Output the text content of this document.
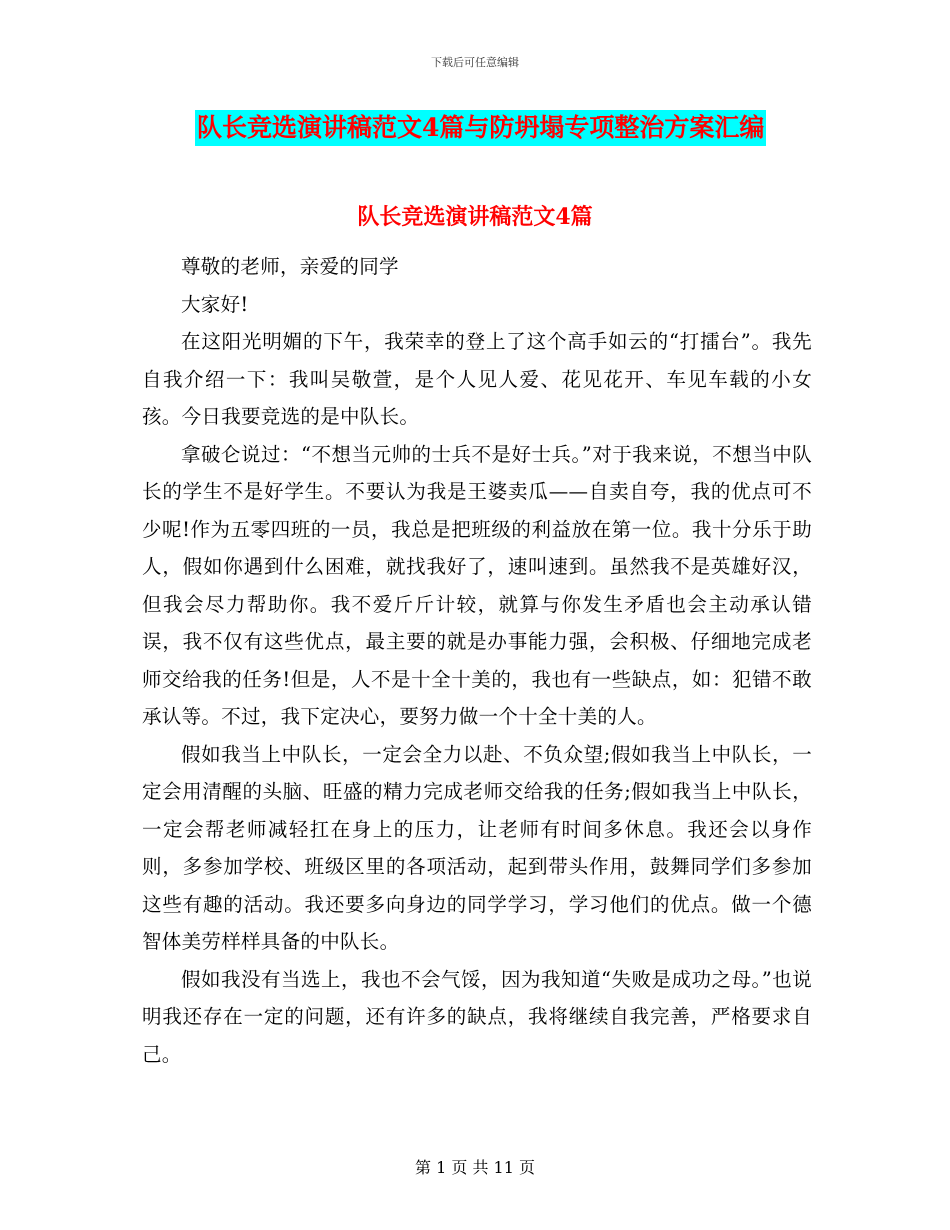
下载后可任意编辑
队长竞选演讲稿范文4篇与防坍塌专项整治方案汇编
队长竞选演讲稿范文4篇

尊敬的老师，亲爱的同学

大家好!

在这阳光明媚的下午，我荣幸的登上了这个高手如云的“打擂台”。我先自我介绍一下：我叫吴敬萱，是个人见人爱、花见花开、车见车载的小女孩。今日我要竞选的是中队长。

拿破仑说过：“不想当元帅的士兵不是好士兵。”对于我来说，不想当中队长的学生不是好学生。不要认为我是王婆卖瓜——自卖自夸，我的优点可不少呢!作为五零四班的一员，我总是把班级的利益放在第一位。我十分乐于助人，假如你遇到什么困难，就找我好了，速叫速到。虽然我不是英雄好汉，但我会尽力帮助你。我不爱斤斤计较，就算与你发生矛盾也会主动承认错误，我不仅有这些优点，最主要的就是办事能力强，会积极、仔细地完成老师交给我的任务!但是，人不是十全十美的，我也有一些缺点，如：犯错不敢承认等。不过，我下定决心，要努力做一个十全十美的人。

假如我当上中队长，一定会全力以赴、不负众望;假如我当上中队长，一定会用清醒的头脑、旺盛的精力完成老师交给我的任务;假如我当上中队长，一定会帮老师减轻扛在身上的压力，让老师有时间多休息。我还会以身作则，多参加学校、班级区里的各项活动，起到带头作用，鼓舞同学们多参加这些有趣的活动。我还要多向身边的同学学习，学习他们的优点。做一个德智体美劳样样具备的中队长。

假如我没有当选上，我也不会气馁，因为我知道“失败是成功之母。”也说明我还存在一定的问题，还有许多的缺点，我将继续自我完善，严格要求自己。

第 1 页 共 11 页
